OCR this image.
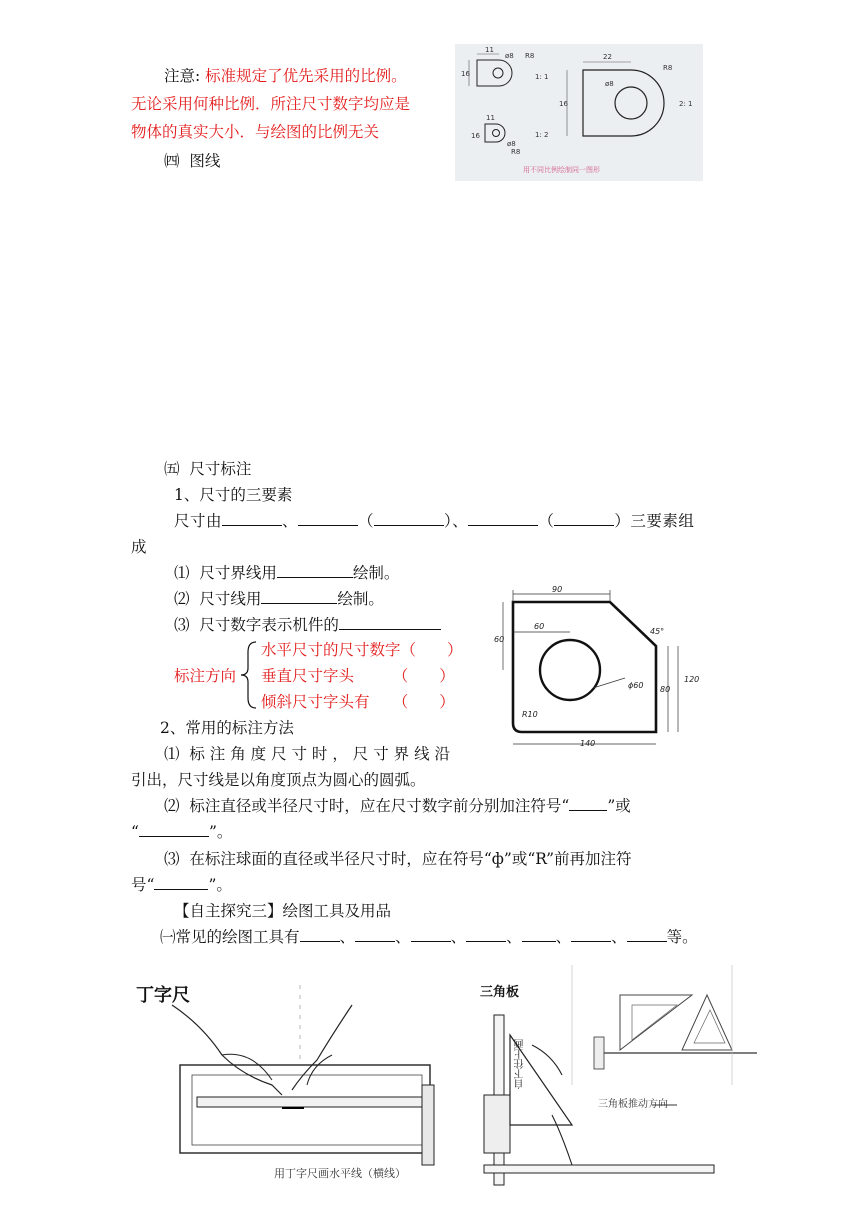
注意: 标准规定了优先采用的比例。
无论采用何种比例．所注尺寸数字均应是
物体的真实大小．与绘图的比例无关
㈣ 图线
11
16
ø8 R8
1: 1
22
16
ø8
R8
2: 1
11
16
ø8
R8
1: 2
用不同比例绘制同一图形
㈤ 尺寸标注
1、尺寸的三要素
尺寸由	、	（	）、	（	）三要素组
成
⑴ 尺寸界线用	绘制。
⑵ 尺寸线用	绘制。
⑶ 尺寸数字表示机件的
标注方向
水平尺寸的尺寸数字（　　）
垂直尺寸字头　　　（　　）
倾斜尺寸字头有　　（　　）
2、常用的标注方法
⑴ 标 注 角 度 尺 寸 时 ， 尺 寸 界 线 沿
引出，尺寸线是以角度顶点为圆心的圆弧。
⑵ 标注直径或半径尺寸时，应在尺寸数字前分别加注符号“ ”或
“	”。
⑶ 在标注球面的直径或半径尺寸时，应在符号“ф”或“R”前再加注符
号“	”。
【自主探究三】绘图工具及用品
㈠常见的绘图工具有	、	、	、	、 、	、	等。
90
60
60
45°
120
80
ϕ60
R10
140
丁字尺
用丁字尺画水平线（横线）
三角板
三角板推动方向
自下往上画
